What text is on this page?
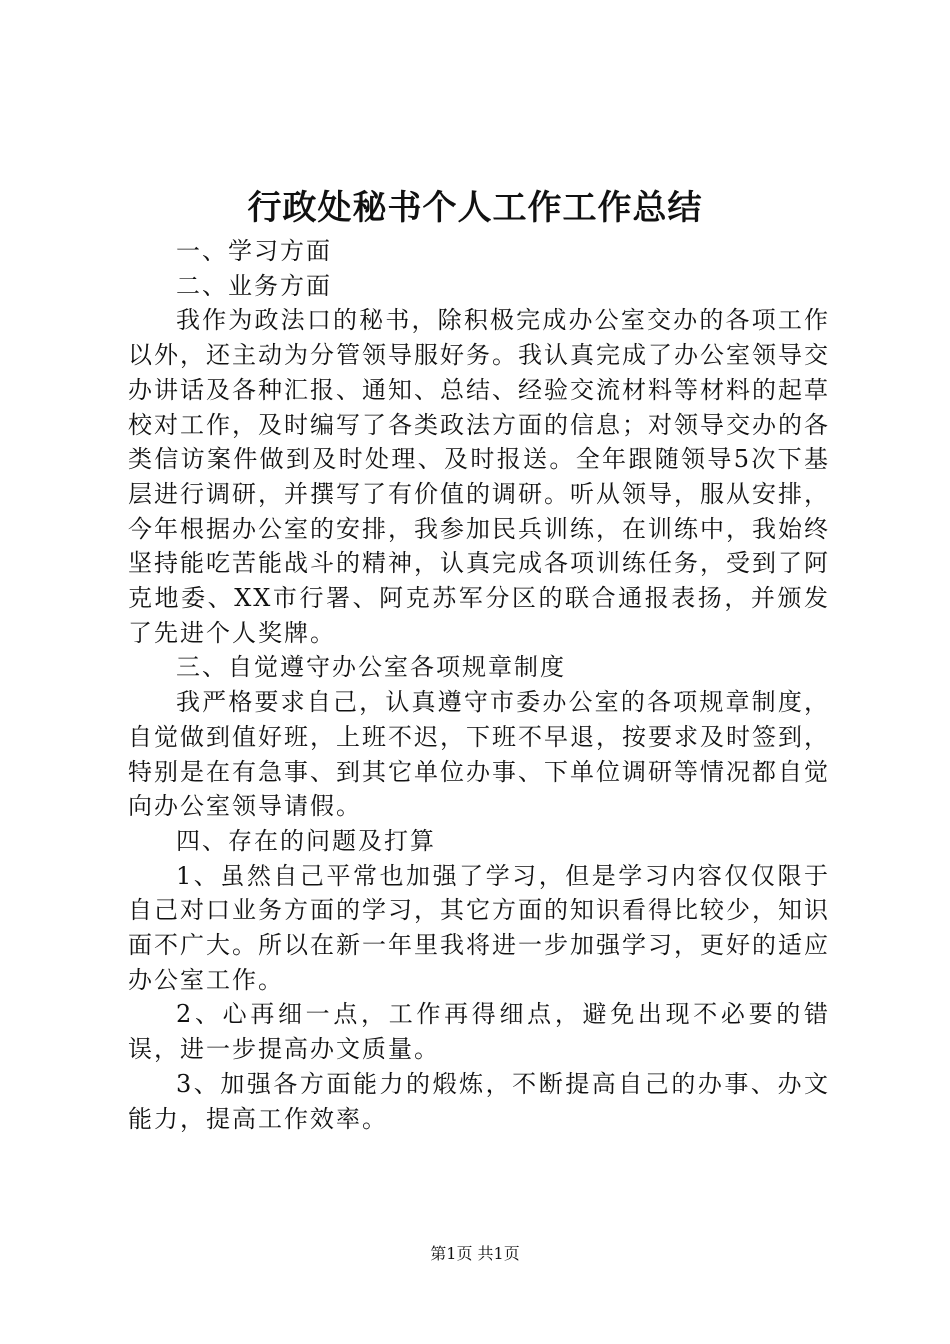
行政处秘书个人工作工作总结

一、学习方面

二、业务方面

我作为政法口的秘书，除积极完成办公室交办的各项工作以外，还主动为分管领导服好务。我认真完成了办公室领导交办讲话及各种汇报、通知、总结、经验交流材料等材料的起草校对工作，及时编写了各类政法方面的信息；对领导交办的各类信访案件做到及时处理、及时报送。全年跟随领导5次下基层进行调研，并撰写了有价值的调研。听从领导，服从安排，今年根据办公室的安排，我参加民兵训练，在训练中，我始终坚持能吃苦能战斗的精神，认真完成各项训练任务，受到了阿克地委、XX市行署、阿克苏军分区的联合通报表扬，并颁发了先进个人奖牌。

三、自觉遵守办公室各项规章制度

我严格要求自己，认真遵守市委办公室的各项规章制度，自觉做到值好班，上班不迟，下班不早退，按要求及时签到，特别是在有急事、到其它单位办事、下单位调研等情况都自觉向办公室领导请假。

四、存在的问题及打算

1、虽然自己平常也加强了学习，但是学习内容仅仅限于自己对口业务方面的学习，其它方面的知识看得比较少，知识面不广大。所以在新一年里我将进一步加强学习，更好的适应办公室工作。

2、心再细一点，工作再得细点，避免出现不必要的错误，进一步提高办文质量。

3、加强各方面能力的煅炼，不断提高自己的办事、办文能力，提高工作效率。

第1页 共1页
